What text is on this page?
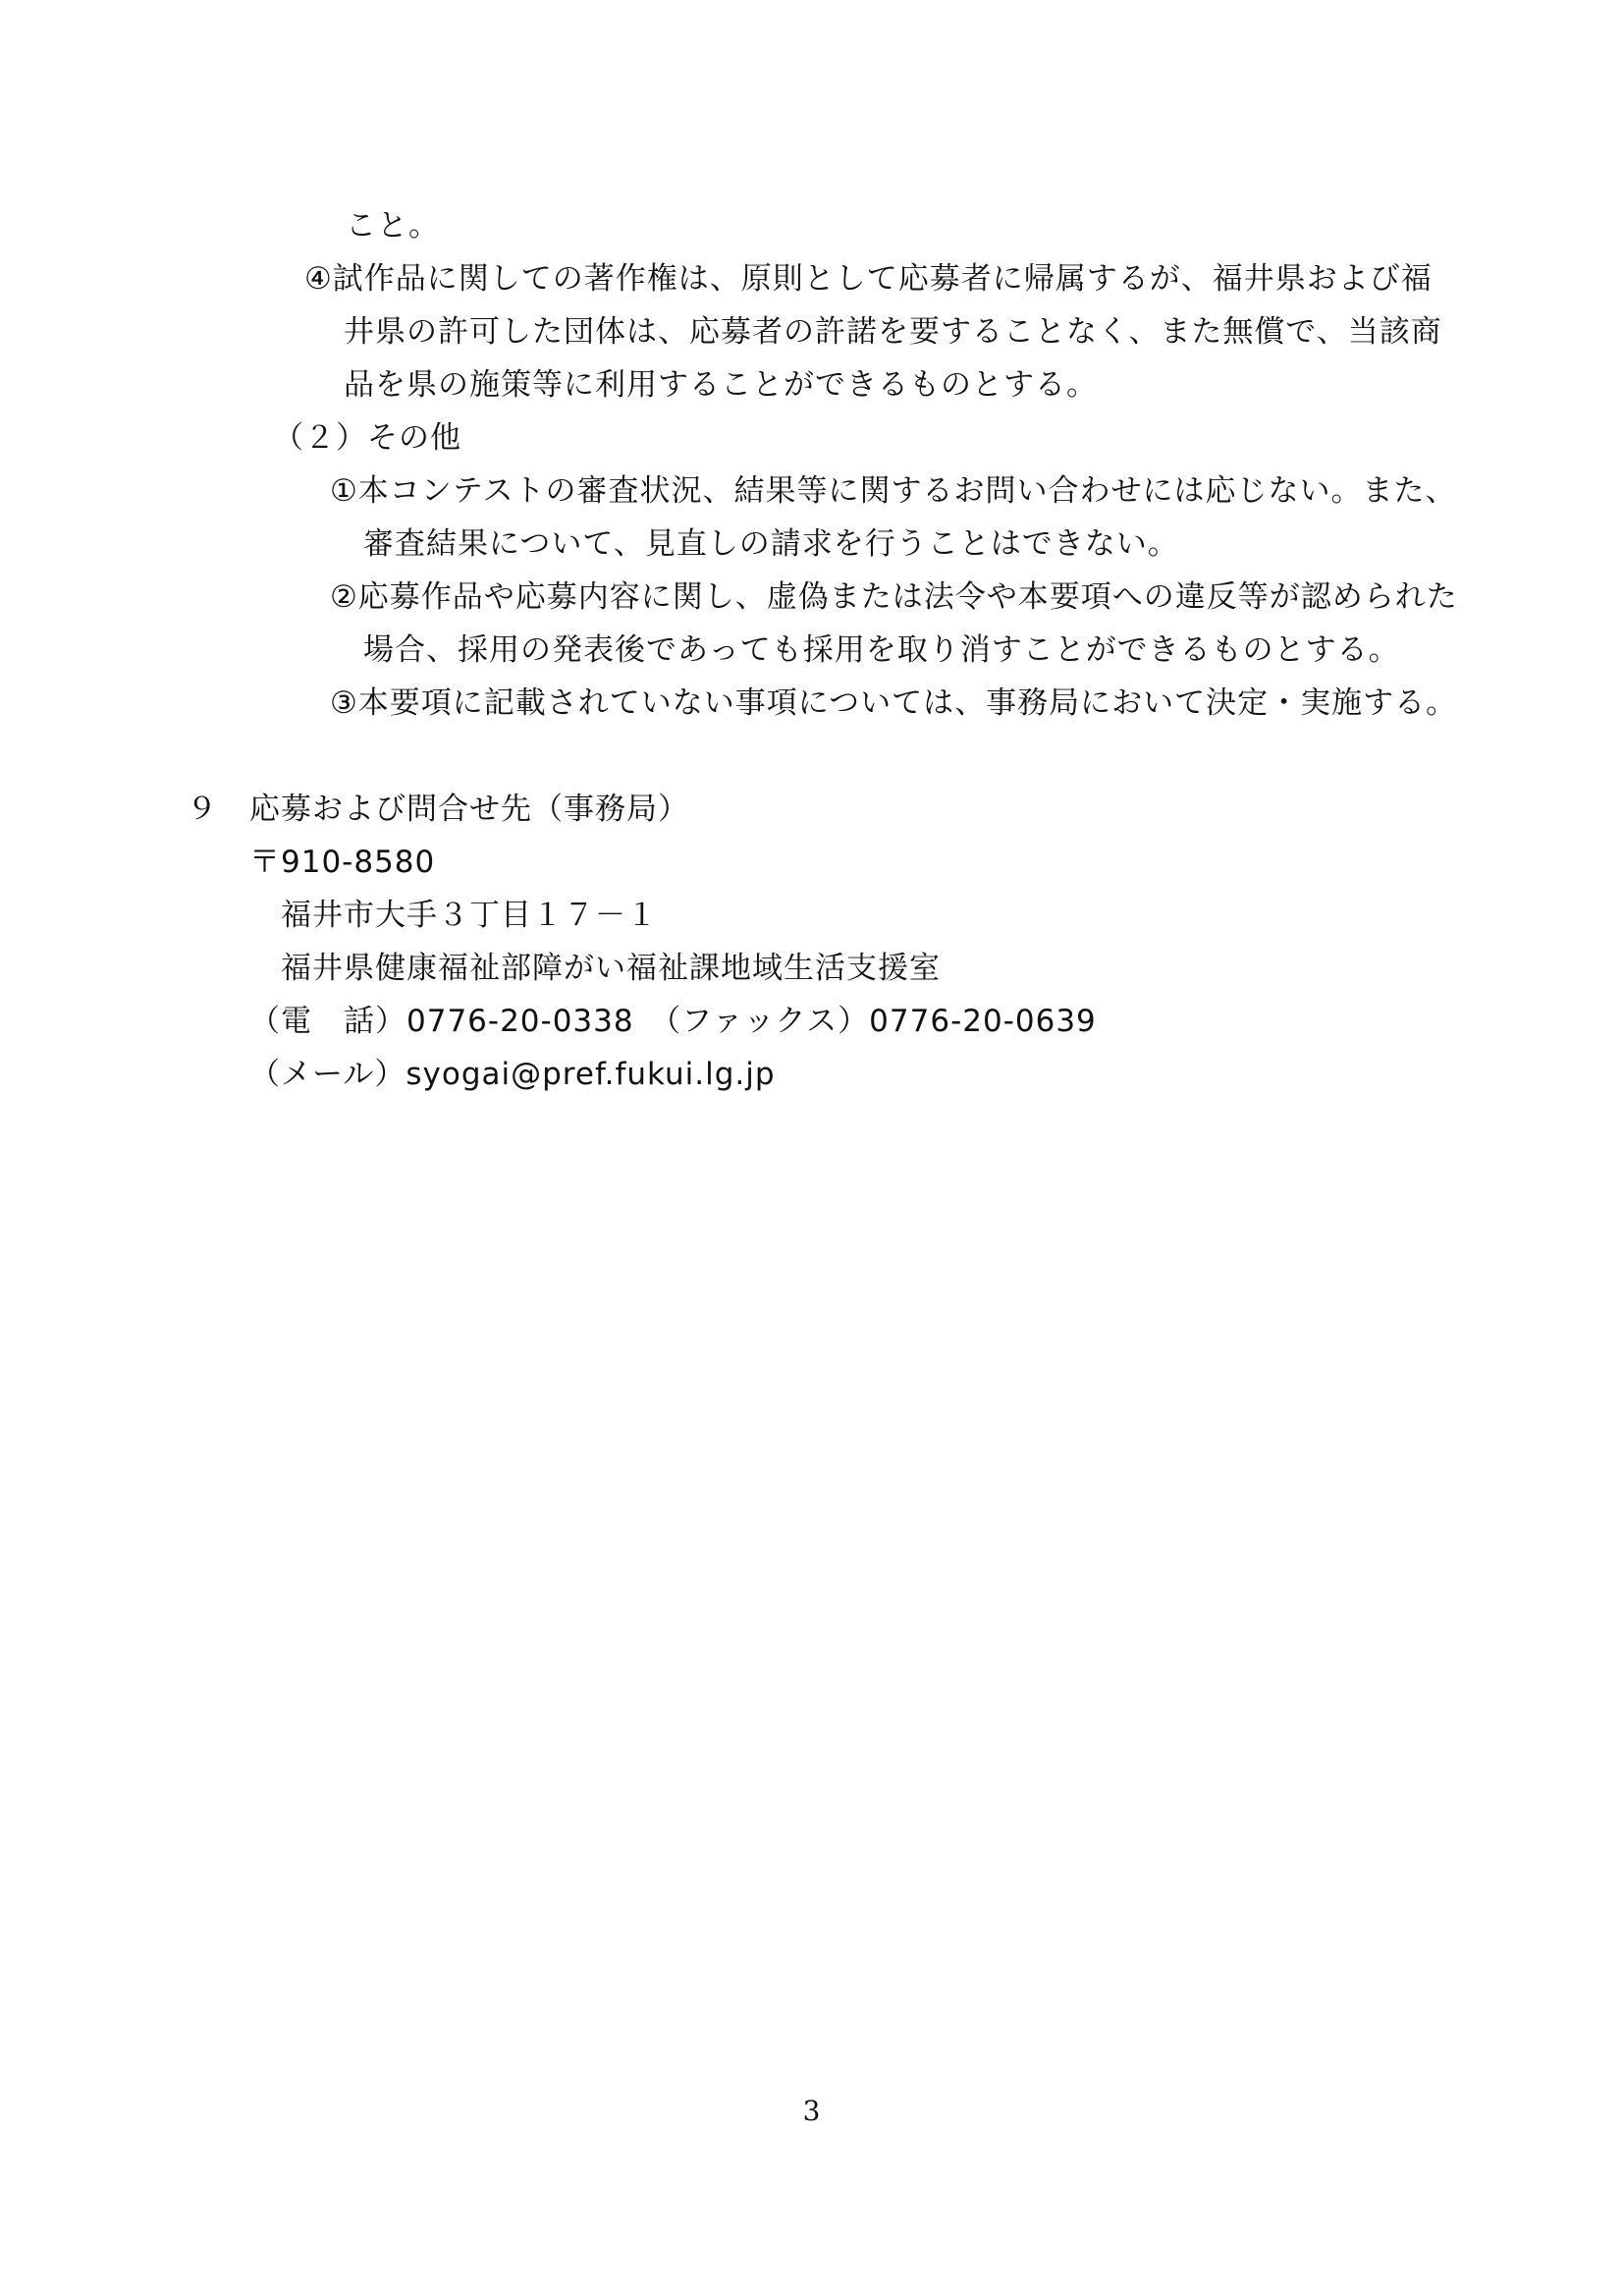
こと。
④試作品に関しての著作権は、原則として応募者に帰属するが、福井県および福
井県の許可した団体は、応募者の許諾を要することなく、また無償で、当該商
品を県の施策等に利用することができるものとする。
（２）その他
①本コンテストの審査状況、結果等に関するお問い合わせには応じない。また、
審査結果について、見直しの請求を行うことはできない。
②応募作品や応募内容に関し、虚偽または法令や本要項への違反等が認められた
場合、採用の発表後であっても採用を取り消すことができるものとする。
③本要項に記載されていない事項については、事務局において決定・実施する。
９ 応募および問合せ先（事務局）
〒910-8580
福井市大手３丁目１７－１
福井県健康福祉部障がい福祉課地域生活支援室
（電　話）0776-20-0338　（ファックス）0776-20-0639
（メール）syogai@pref.fukui.lg.jp
3
